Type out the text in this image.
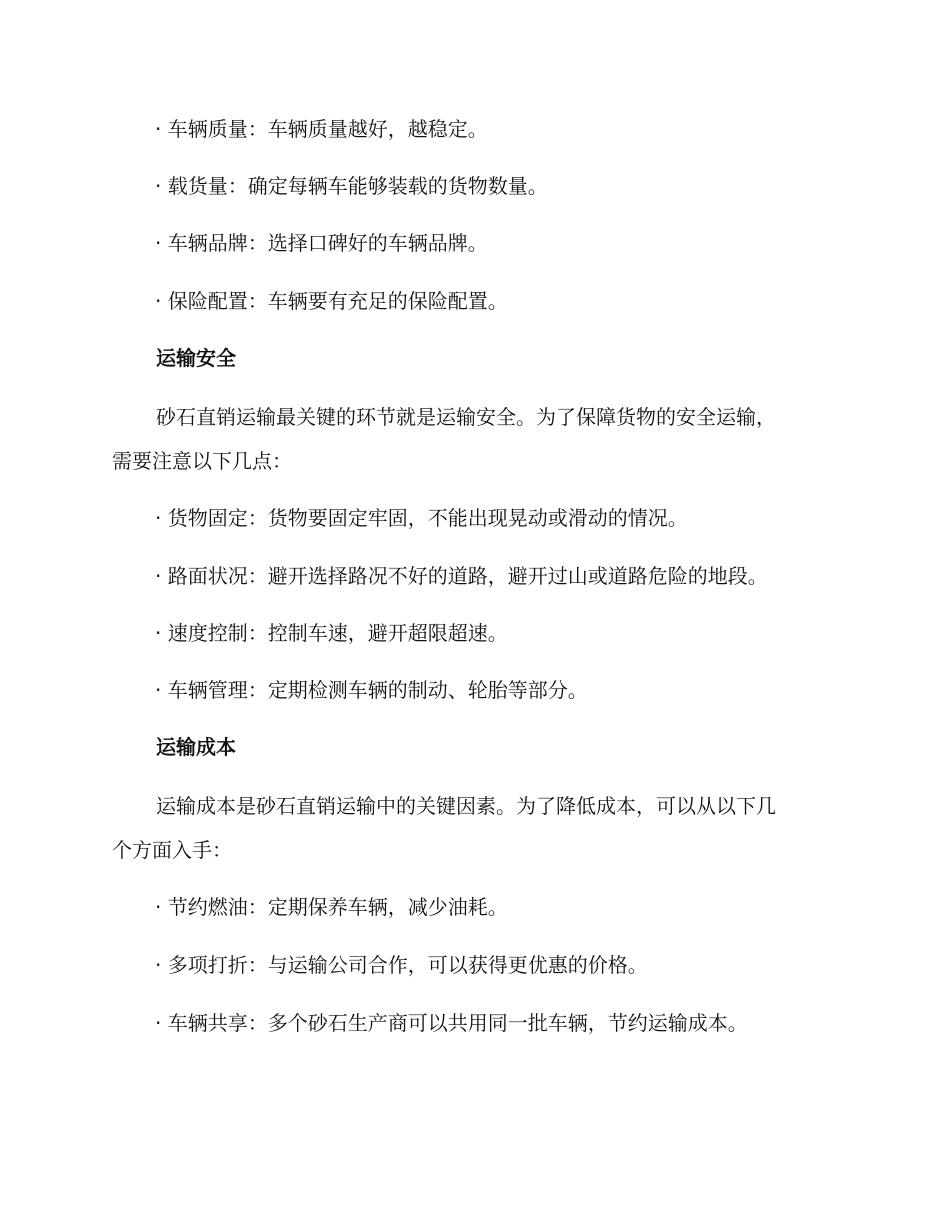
· 车辆质量：车辆质量越好，越稳定。
· 载货量：确定每辆车能够装载的货物数量。
· 车辆品牌：选择口碑好的车辆品牌。
· 保险配置：车辆要有充足的保险配置。
运输安全
砂石直销运输最关键的环节就是运输安全。为了保障货物的安全运输，
需要注意以下几点：
· 货物固定：货物要固定牢固，不能出现晃动或滑动的情况。
· 路面状况：避开选择路况不好的道路，避开过山或道路危险的地段。
· 速度控制：控制车速，避开超限超速。
· 车辆管理：定期检测车辆的制动、轮胎等部分。
运输成本
运输成本是砂石直销运输中的关键因素。为了降低成本，可以从以下几
个方面入手：
· 节约燃油：定期保养车辆，减少油耗。
· 多项打折：与运输公司合作，可以获得更优惠的价格。
· 车辆共享：多个砂石生产商可以共用同一批车辆，节约运输成本。
